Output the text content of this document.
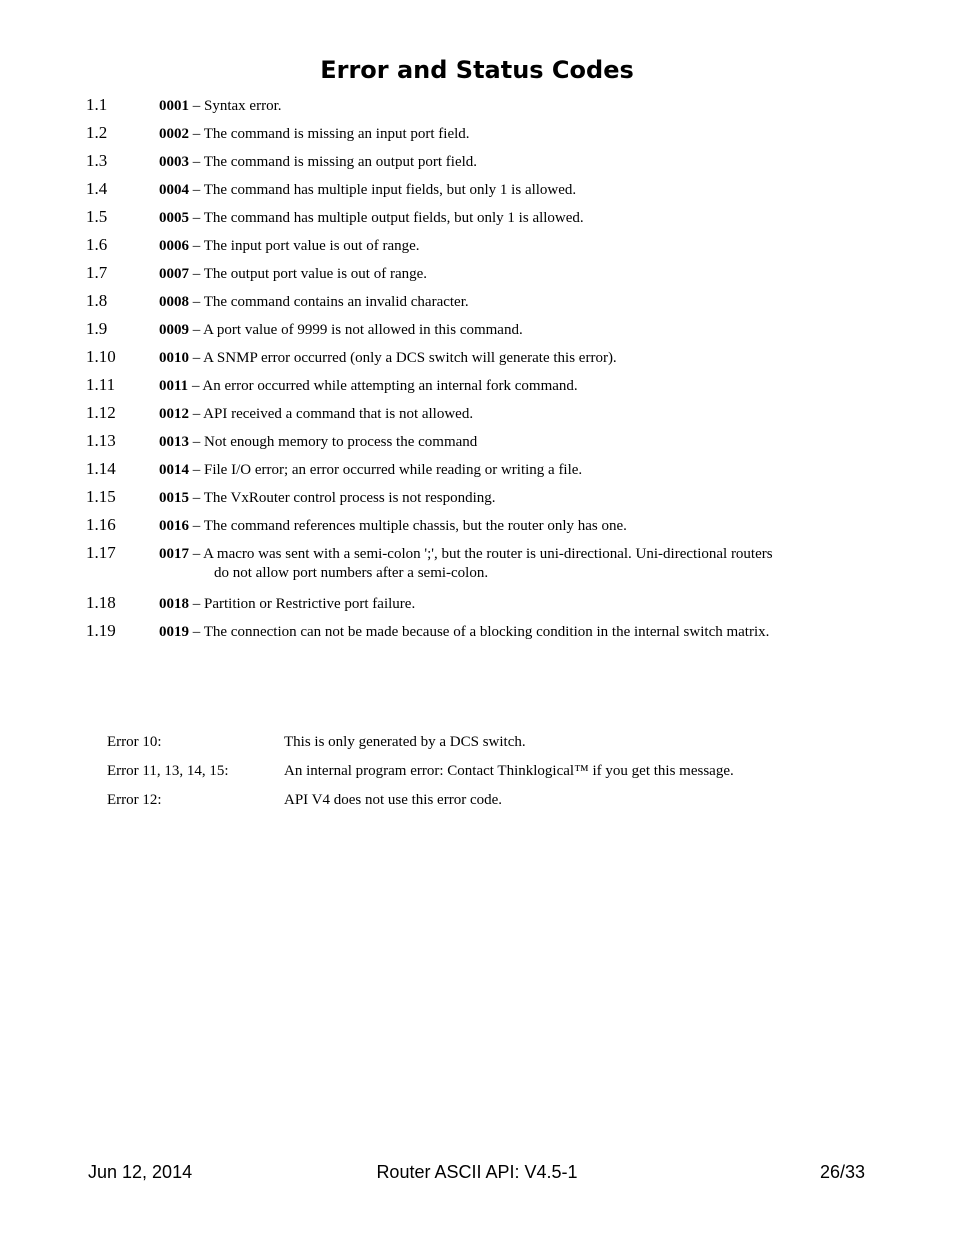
Error and Status Codes
1.1	0001 – Syntax error.
1.2	0002 – The command is missing an input port field.
1.3	0003 – The command is missing an output port field.
1.4	0004 – The command has multiple input fields, but only 1 is allowed.
1.5	0005 – The command has multiple output fields, but only 1 is allowed.
1.6	0006 – The input port value is out of range.
1.7	0007 – The output port value is out of range.
1.8	0008 – The command contains an invalid character.
1.9	0009 – A port value of 9999 is not allowed in this command.
1.10	0010 – A SNMP error occurred (only a DCS switch will generate this error).
1.11	0011 – An error occurred while attempting an internal fork command.
1.12	0012 – API received a command that is not allowed.
1.13	0013 – Not enough memory to process the command
1.14	0014 – File I/O error; an error occurred while reading or writing a file.
1.15	0015 – The VxRouter control process is not responding.
1.16	0016 – The command references multiple chassis, but the router only has one.
1.17	0017 – A macro was sent with a semi-colon ';', but the router is uni-directional. Uni-directional routers
do not allow port numbers after a semi-colon.
1.18	0018 – Partition or Restrictive port failure.
1.19	0019 – The connection can not be made because of a blocking condition in the internal switch matrix.
Error 10:	This is only generated by a DCS switch.
Error 11, 13, 14, 15:	An internal program error: Contact Thinklogical™ if you get this message.
Error 12:	API V4 does not use this error code.
Jun 12, 2014	Router ASCII API: V4.5-1	26/33
